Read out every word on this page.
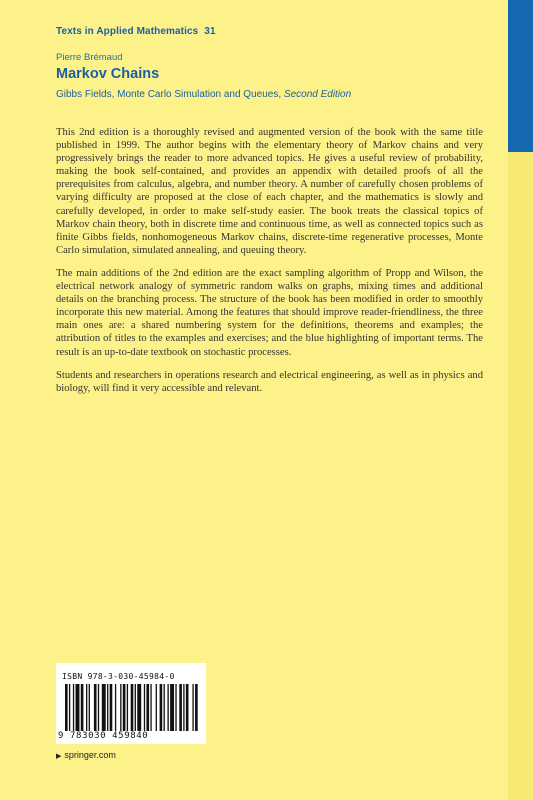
Texts in Applied Mathematics 31
Pierre Brémaud
Markov Chains
Gibbs Fields, Monte Carlo Simulation and Queues, Second Edition

This 2nd edition is a thoroughly revised and augmented version of the book with the same title published in 1999. The author begins with the elementary theory of Markov chains and very progressively brings the reader to more advanced topics. He gives a useful review of probability, making the book self-contained, and provides an appendix with detailed proofs of all the prerequisites from calculus, algebra, and number theory. A number of carefully chosen problems of varying difficulty are proposed at the close of each chapter, and the mathematics is slowly and carefully developed, in order to make self-study easier. The book treats the classical topics of Markov chain theory, both in discrete time and continuous time, as well as connected topics such as finite Gibbs fields, nonhomogeneous Markov chains, discrete-time regenerative processes, Monte Carlo simulation, simulated annealing, and queuing theory.

The main additions of the 2nd edition are the exact sampling algorithm of Propp and Wilson, the electrical network analogy of symmetric random walks on graphs, mixing times and additional details on the branching process. The structure of the book has been modified in order to smoothly incorporate this new material. Among the features that should improve reader-friendliness, the three main ones are: a shared numbering system for the definitions, theorems and examples; the attribution of titles to the examples and exercises; and the blue highlighting of important terms. The result is an up-to-date textbook on stochastic processes.

Students and researchers in operations research and electrical engineering, as well as in physics and biology, will find it very accessible and relevant.

ISBN 978-3-030-45984-0
9 783030 459840
▶ springer.com
